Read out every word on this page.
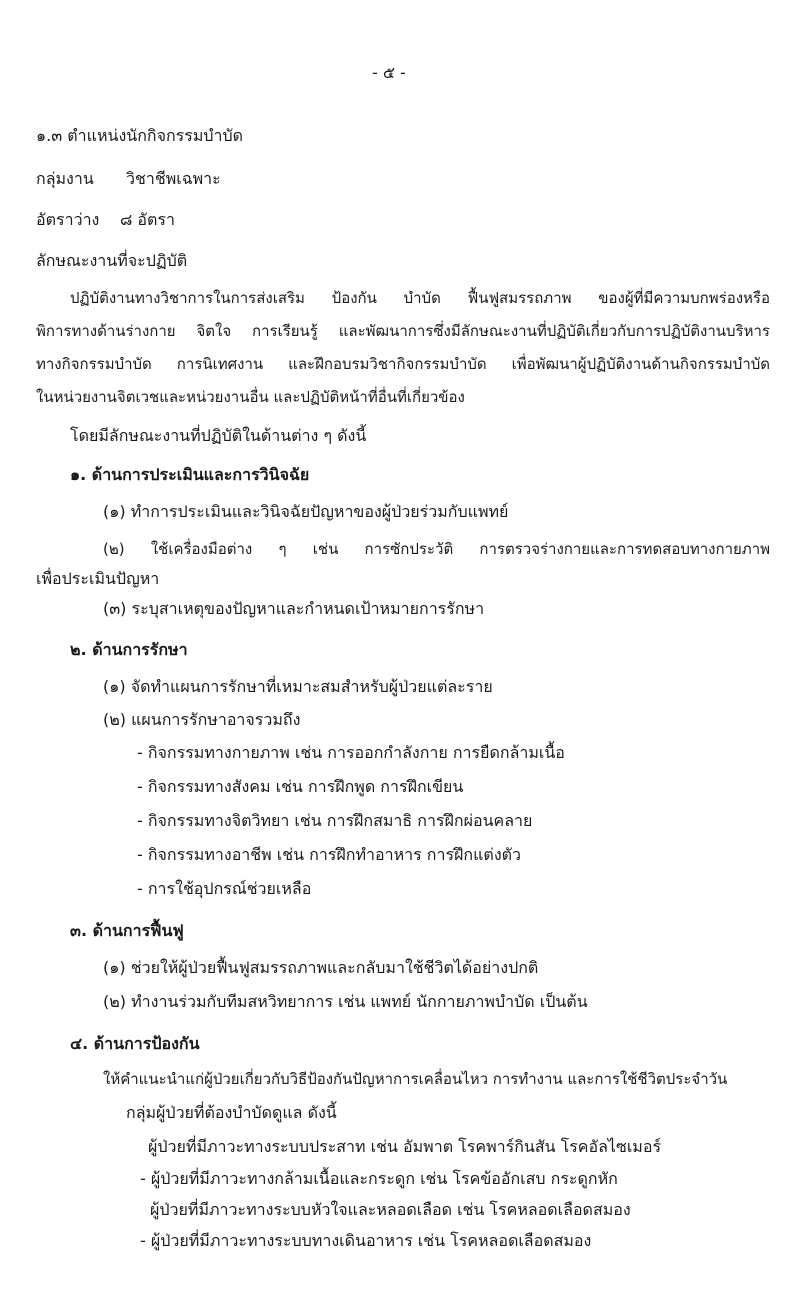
- ๕ -
๑.๓ ตำแหน่งนักกิจกรรมบำบัด
กลุ่มงาน วิชาชีพเฉพาะ
อัตราว่าง ๘ อัตรา
ลักษณะงานที่จะปฏิบัติ
ปฏิบัติงานทางวิชาการในการส่งเสริม ป้องกัน บำบัด ฟื้นฟูสมรรถภาพ ของผู้ที่มีความบกพร่องหรือ
พิการทางด้านร่างกาย จิตใจ การเรียนรู้ และพัฒนาการซึ่งมีลักษณะงานที่ปฏิบัติเกี่ยวกับการปฏิบัติงานบริหาร
ทางกิจกรรมบำบัด การนิเทศงาน และฝึกอบรมวิชากิจกรรมบำบัด เพื่อพัฒนาผู้ปฏิบัติงานด้านกิจกรรมบำบัด
ในหน่วยงานจิตเวชและหน่วยงานอื่น และปฏิบัติหน้าที่อื่นที่เกี่ยวข้อง
โดยมีลักษณะงานที่ปฏิบัติในด้านต่าง ๆ ดังนี้
๑. ด้านการประเมินและการวินิจฉัย
(๑) ทำการประเมินและวินิจฉัยปัญหาของผู้ป่วยร่วมกับแพทย์
(๒) ใช้เครื่องมือต่าง ๆ เช่น การซักประวัติ การตรวจร่างกายและการทดสอบทางกายภาพ
เพื่อประเมินปัญหา
(๓) ระบุสาเหตุของปัญหาและกำหนดเป้าหมายการรักษา
๒. ด้านการรักษา
(๑) จัดทำแผนการรักษาที่เหมาะสมสำหรับผู้ป่วยแต่ละราย
(๒) แผนการรักษาอาจรวมถึง
- กิจกรรมทางกายภาพ เช่น การออกกำลังกาย การยืดกล้ามเนื้อ
- กิจกรรมทางสังคม เช่น การฝึกพูด การฝึกเขียน
- กิจกรรมทางจิตวิทยา เช่น การฝึกสมาธิ การฝึกผ่อนคลาย
- กิจกรรมทางอาชีพ เช่น การฝึกทำอาหาร การฝึกแต่งตัว
- การใช้อุปกรณ์ช่วยเหลือ
๓. ด้านการฟื้นฟู
(๑) ช่วยให้ผู้ป่วยฟื้นฟูสมรรถภาพและกลับมาใช้ชีวิตได้อย่างปกติ
(๒) ทำงานร่วมกับทีมสหวิทยาการ เช่น แพทย์ นักกายภาพบำบัด เป็นต้น
๔. ด้านการป้องกัน
ให้คำแนะนำแก่ผู้ป่วยเกี่ยวกับวิธีป้องกันปัญหาการเคลื่อนไหว การทำงาน และการใช้ชีวิตประจำวัน
กลุ่มผู้ป่วยที่ต้องบำบัดดูแล ดังนี้
ผู้ป่วยที่มีภาวะทางระบบประสาท เช่น อัมพาต โรคพาร์กินสัน โรคอัลไซเมอร์
- ผู้ป่วยที่มีภาวะทางกล้ามเนื้อและกระดูก เช่น โรคข้ออักเสบ กระดูกหัก
ผู้ป่วยที่มีภาวะทางระบบหัวใจและหลอดเลือด เช่น โรคหลอดเลือดสมอง
- ผู้ป่วยที่มีภาวะทางระบบทางเดินอาหาร เช่น โรคหลอดเลือดสมอง
